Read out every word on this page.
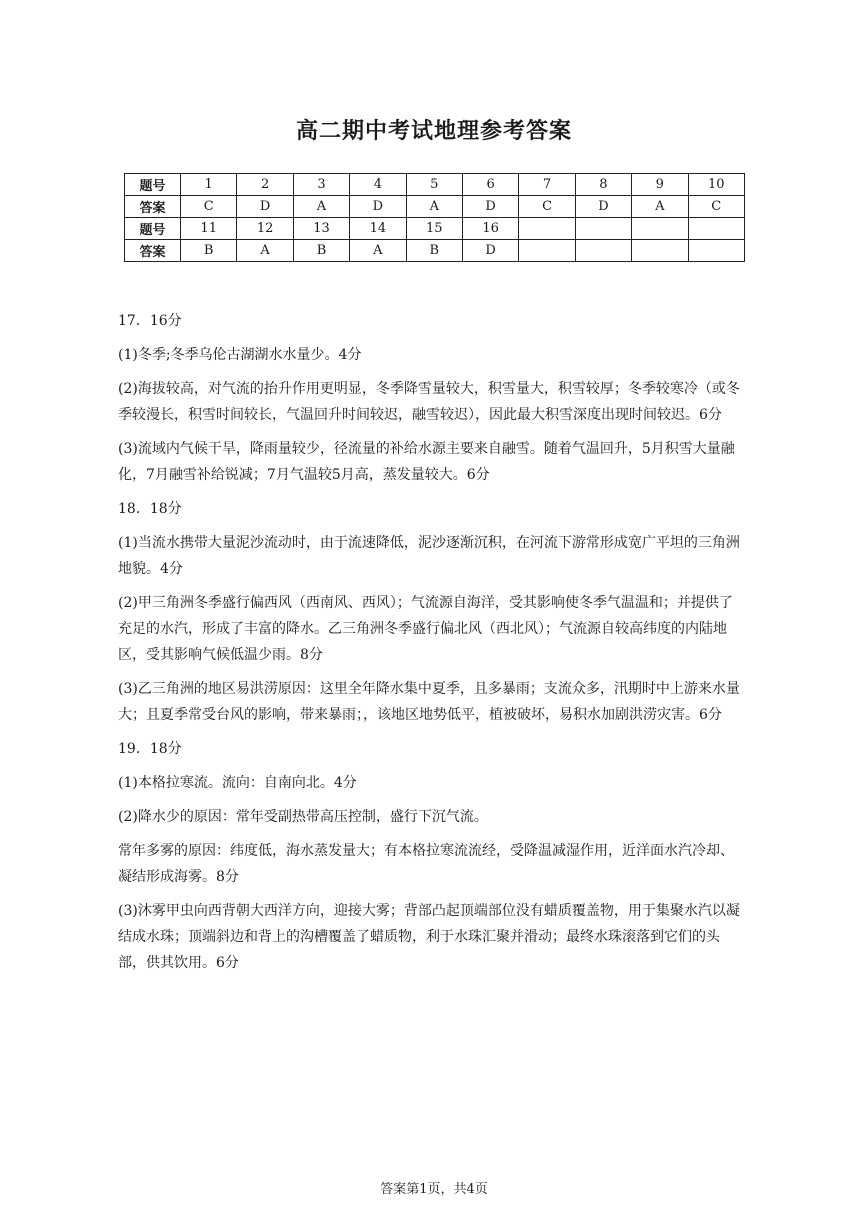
高二期中考试地理参考答案
题号	1	2	3	4	5	6	7	8	9	10
答案	C	D	A	D	A	D	C	D	A	C
题号	11	12	13	14	15	16				
答案	B	A	B	A	B	D				

17．16分

(1)冬季;冬季乌伦古湖湖水水量少。4分

(2)海拔较高，对气流的抬升作用更明显，冬季降雪量较大，积雪量大，积雪较厚；冬季较寒冷（或冬季较漫长，积雪时间较长，气温回升时间较迟，融雪较迟），因此最大积雪深度出现时间较迟。6分

(3)流域内气候干旱，降雨量较少，径流量的补给水源主要来自融雪。随着气温回升，5月积雪大量融化，7月融雪补给锐减；7月气温较5月高，蒸发量较大。6分

18．18分

(1)当流水携带大量泥沙流动时，由于流速降低，泥沙逐渐沉积，在河流下游常形成宽广平坦的三角洲地貌。4分

(2)甲三角洲冬季盛行偏西风（西南风、西风）；气流源自海洋，受其影响使冬季气温温和；并提供了充足的水汽，形成了丰富的降水。乙三角洲冬季盛行偏北风（西北风）；气流源自较高纬度的内陆地区，受其影响气候低温少雨。8分

(3)乙三角洲的地区易洪涝原因：这里全年降水集中夏季，且多暴雨；支流众多，汛期时中上游来水量大；且夏季常受台风的影响，带来暴雨；，该地区地势低平，植被破坏，易积水加剧洪涝灾害。6分

19．18分

(1)本格拉寒流。流向：自南向北。4分

(2)降水少的原因：常年受副热带高压控制，盛行下沉气流。

常年多雾的原因：纬度低，海水蒸发量大；有本格拉寒流流经，受降温减湿作用，近洋面水汽冷却、凝结形成海雾。8分

(3)沐雾甲虫向西背朝大西洋方向，迎接大雾；背部凸起顶端部位没有蜡质覆盖物，用于集聚水汽以凝结成水珠；顶端斜边和背上的沟槽覆盖了蜡质物，利于水珠汇聚并滑动；最终水珠滚落到它们的头部，供其饮用。6分

答案第1页，共4页
